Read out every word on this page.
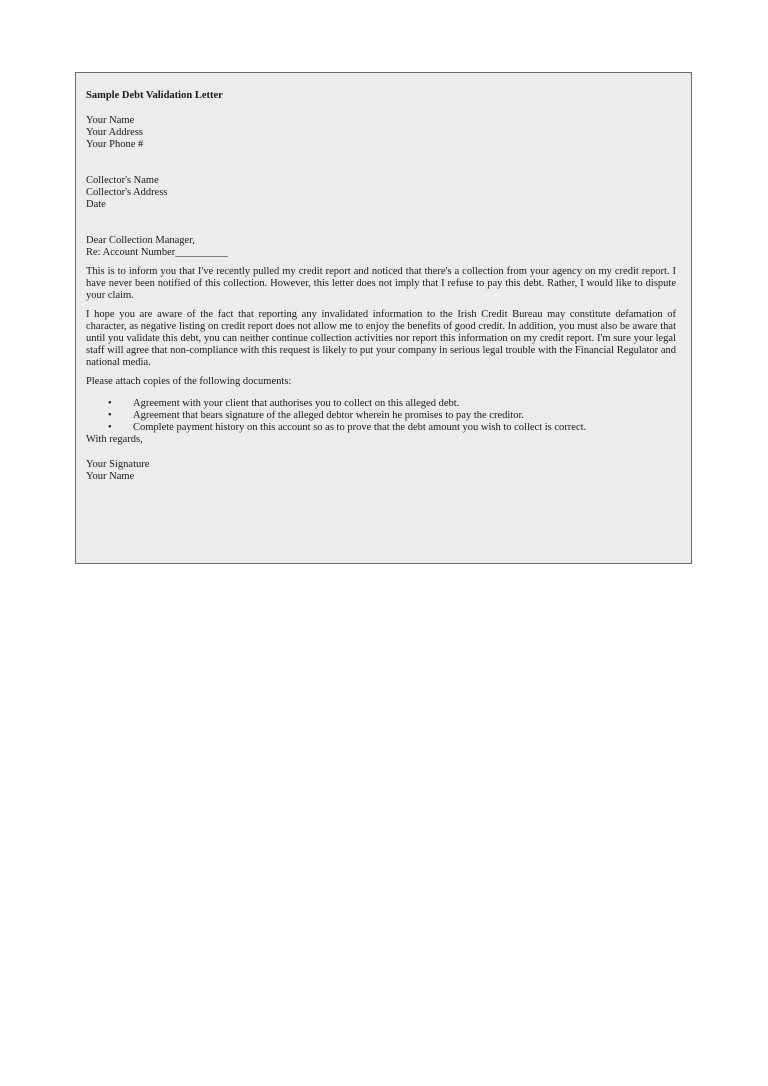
Sample Debt Validation Letter
Your Name
Your Address
Your Phone #
Collector's Name
Collector's Address
Date
Dear Collection Manager,
Re: Account Number__________

This is to inform you that I've recently pulled my credit report and noticed that there's a collection from your agency on my credit report. I have never been notified of this collection. However, this letter does not imply that I refuse to pay this debt. Rather, I would like to dispute your claim.

I hope you are aware of the fact that reporting any invalidated information to the Irish Credit Bureau may constitute defamation of character, as negative listing on credit report does not allow me to enjoy the benefits of good credit. In addition, you must also be aware that until you validate this debt, you can neither continue collection activities nor report this information on my credit report. I'm sure your legal staff will agree that non-compliance with this request is likely to put your company in serious legal trouble with the Financial Regulator and national media.

Please attach copies of the following documents:

• Agreement with your client that authorises you to collect on this alleged debt.
• Agreement that bears signature of the alleged debtor wherein he promises to pay the creditor.
• Complete payment history on this account so as to prove that the debt amount you wish to collect is correct.

With regards,

Your Signature
Your Name
